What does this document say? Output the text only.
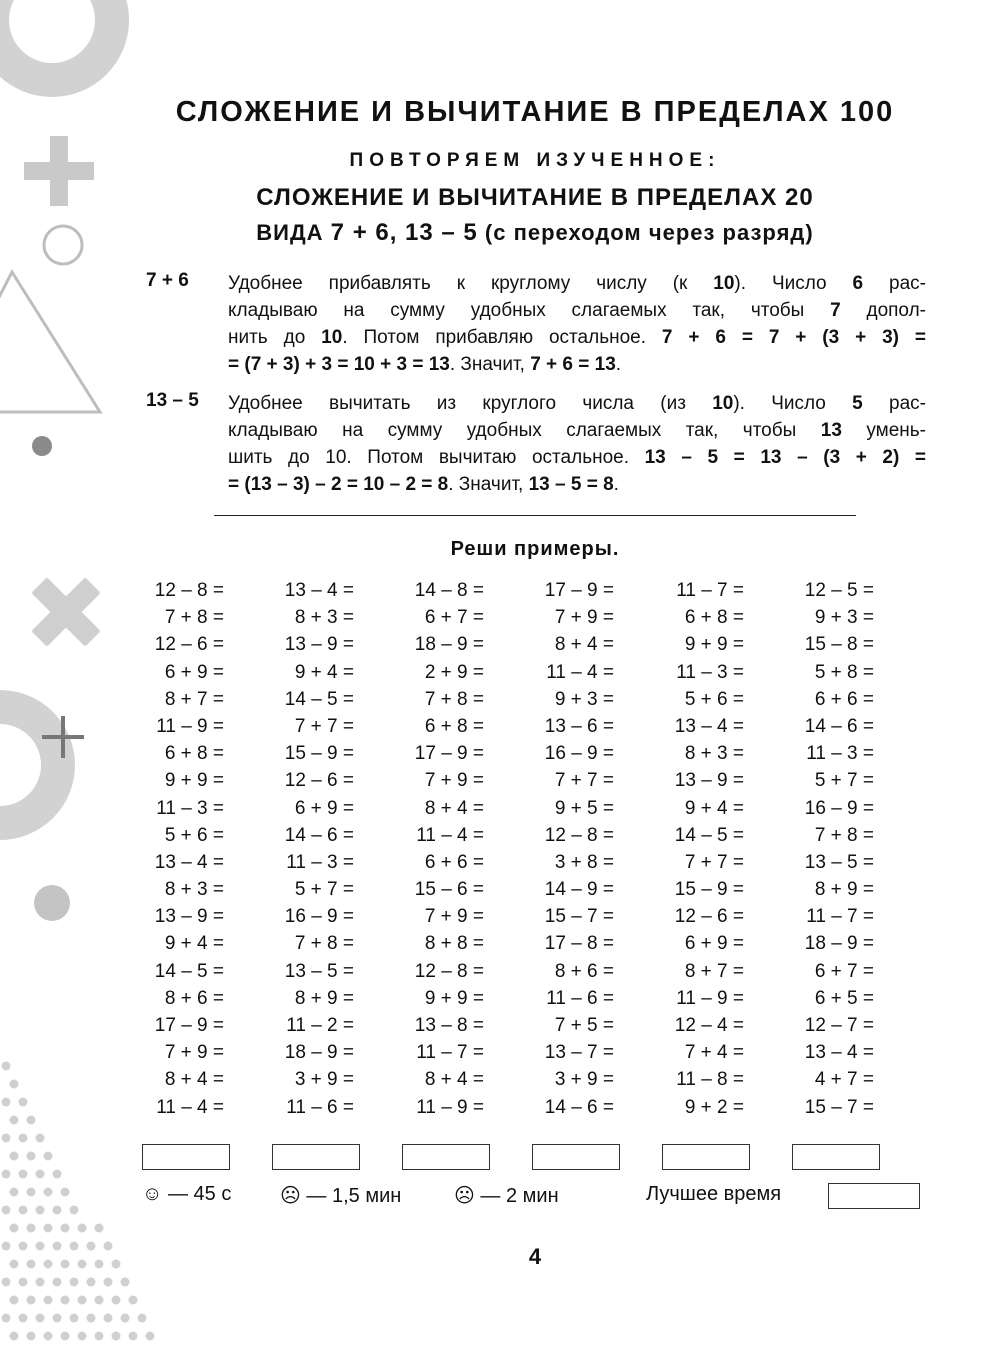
СЛОЖЕНИЕ И ВЫЧИТАНИЕ В ПРЕДЕЛАХ 100
ПОВТОРЯЕМ ИЗУЧЕННОЕ:
СЛОЖЕНИЕ И ВЫЧИТАНИЕ В ПРЕДЕЛАХ 20
ВИДА 7 + 6, 13 – 5 (с переходом через разряд)
7 + 6 Удобнее прибавлять к круглому числу (к 10). Число 6 рас-
кладываю на сумму удобных слагаемых так, чтобы 7 допол-
нить до 10. Потом прибавляю остальное. 7 + 6 = 7 + (3 + 3) =
= (7 + 3) + 3 = 10 + 3 = 13. Значит, 7 + 6 = 13.
13 – 5 Удобнее вычитать из круглого числа (из 10). Число 5 рас-
кладываю на сумму удобных слагаемых так, чтобы 13 умень-
шить до 10. Потом вычитаю остальное. 13 – 5 = 13 – (3 + 2) =
= (13 – 3) – 2 = 10 – 2 = 8. Значит, 13 – 5 = 8.
Реши примеры.
12 – 8 =
7 + 8 =
12 – 6 =
6 + 9 =
8 + 7 =
11 – 9 =
6 + 8 =
9 + 9 =
11 – 3 =
5 + 6 =
13 – 4 =
8 + 3 =
13 – 9 =
9 + 4 =
14 – 5 =
8 + 6 =
17 – 9 =
7 + 9 =
8 + 4 =
11 – 4 =
13 – 4 =
8 + 3 =
13 – 9 =
9 + 4 =
14 – 5 =
7 + 7 =
15 – 9 =
12 – 6 =
6 + 9 =
14 – 6 =
11 – 3 =
5 + 7 =
16 – 9 =
7 + 8 =
13 – 5 =
8 + 9 =
11 – 2 =
18 – 9 =
3 + 9 =
11 – 6 =
14 – 8 =
6 + 7 =
18 – 9 =
2 + 9 =
7 + 8 =
6 + 8 =
17 – 9 =
7 + 9 =
8 + 4 =
11 – 4 =
6 + 6 =
15 – 6 =
7 + 9 =
8 + 8 =
12 – 8 =
9 + 9 =
13 – 8 =
11 – 7 =
8 + 4 =
11 – 9 =
17 – 9 =
7 + 9 =
8 + 4 =
11 – 4 =
9 + 3 =
13 – 6 =
16 – 9 =
7 + 7 =
9 + 5 =
12 – 8 =
3 + 8 =
14 – 9 =
15 – 7 =
17 – 8 =
8 + 6 =
11 – 6 =
7 + 5 =
13 – 7 =
3 + 9 =
14 – 6 =
11 – 7 =
6 + 8 =
9 + 9 =
11 – 3 =
5 + 6 =
13 – 4 =
8 + 3 =
13 – 9 =
9 + 4 =
14 – 5 =
7 + 7 =
15 – 9 =
12 – 6 =
6 + 9 =
8 + 7 =
11 – 9 =
12 – 4 =
7 + 4 =
11 – 8 =
9 + 2 =
12 – 5 =
9 + 3 =
15 – 8 =
5 + 8 =
6 + 6 =
14 – 6 =
11 – 3 =
5 + 7 =
16 – 9 =
7 + 8 =
13 – 5 =
8 + 9 =
11 – 7 =
18 – 9 =
6 + 7 =
6 + 5 =
12 – 7 =
13 – 4 =
4 + 7 =
15 – 7 =
☺ — 45 с ☹ — 1,5 мин	☹ — 2 мин	Лучшее время
4
